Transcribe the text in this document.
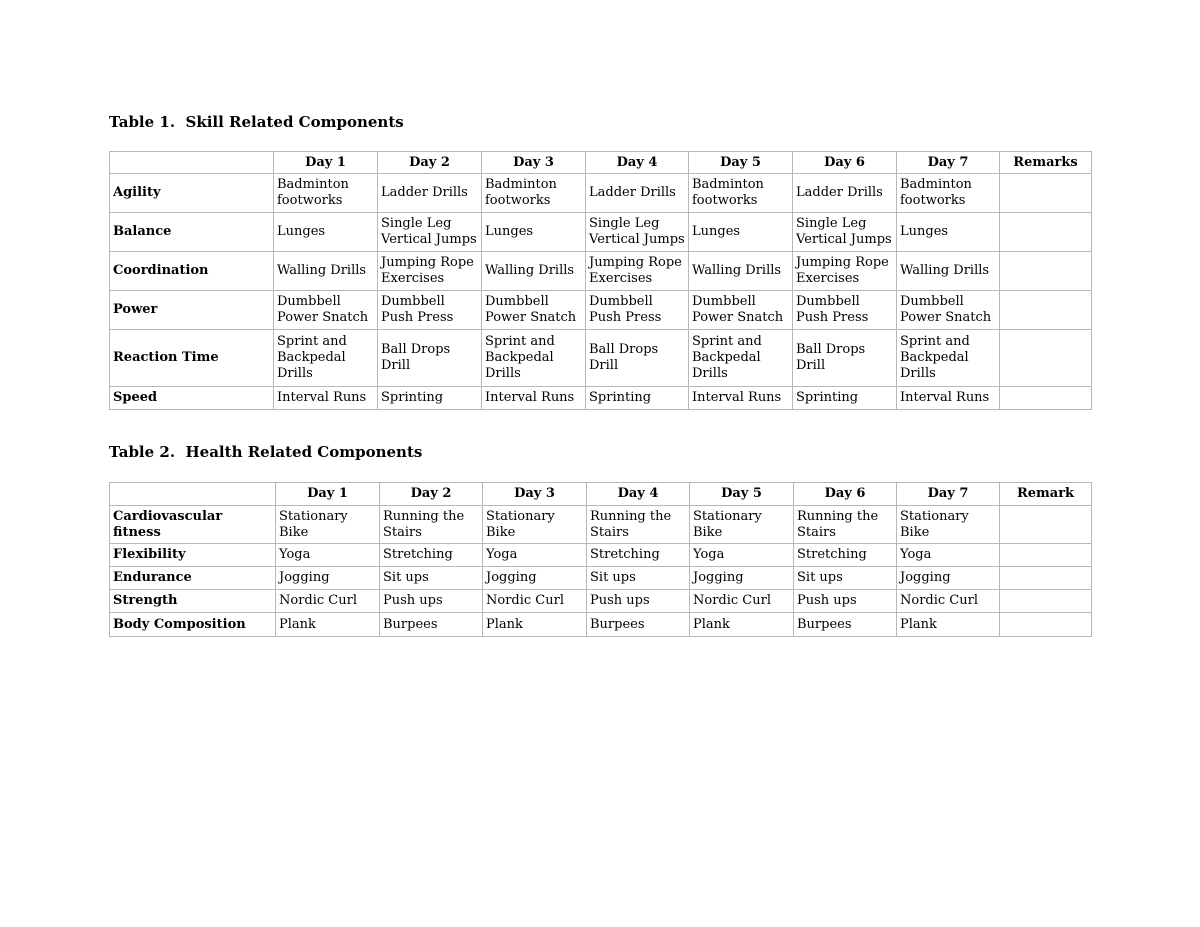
Table 1.  Skill Related Components
	Day 1	Day 2	Day 3	Day 4	Day 5	Day 6	Day 7	Remarks
Agility	Badminton footworks	Ladder Drills	Badminton footworks	Ladder Drills	Badminton footworks	Ladder Drills	Badminton footworks	
Balance	Lunges	Single Leg Vertical Jumps	Lunges	Single Leg Vertical Jumps	Lunges	Single Leg Vertical Jumps	Lunges	
Coordination	Walling Drills	Jumping Rope Exercises	Walling Drills	Jumping Rope Exercises	Walling Drills	Jumping Rope Exercises	Walling Drills	
Power	Dumbbell Power Snatch	Dumbbell Push Press	Dumbbell Power Snatch	Dumbbell Push Press	Dumbbell Power Snatch	Dumbbell Push Press	Dumbbell Power Snatch	
Reaction Time	Sprint and Backpedal Drills	Ball Drops Drill	Sprint and Backpedal Drills	Ball Drops Drill	Sprint and Backpedal Drills	Ball Drops Drill	Sprint and Backpedal Drills	
Speed	Interval Runs	Sprinting	Interval Runs	Sprinting	Interval Runs	Sprinting	Interval Runs	
Table 2.  Health Related Components
	Day 1	Day 2	Day 3	Day 4	Day 5	Day 6	Day 7	Remark
Cardiovascular fitness	Stationary Bike	Running the Stairs	Stationary Bike	Running the Stairs	Stationary Bike	Running the Stairs	Stationary Bike	
Flexibility	Yoga	Stretching	Yoga	Stretching	Yoga	Stretching	Yoga	
Endurance	Jogging	Sit ups	Jogging	Sit ups	Jogging	Sit ups	Jogging	
Strength	Nordic Curl	Push ups	Nordic Curl	Push ups	Nordic Curl	Push ups	Nordic Curl	
Body Composition	Plank	Burpees	Plank	Burpees	Plank	Burpees	Plank	
